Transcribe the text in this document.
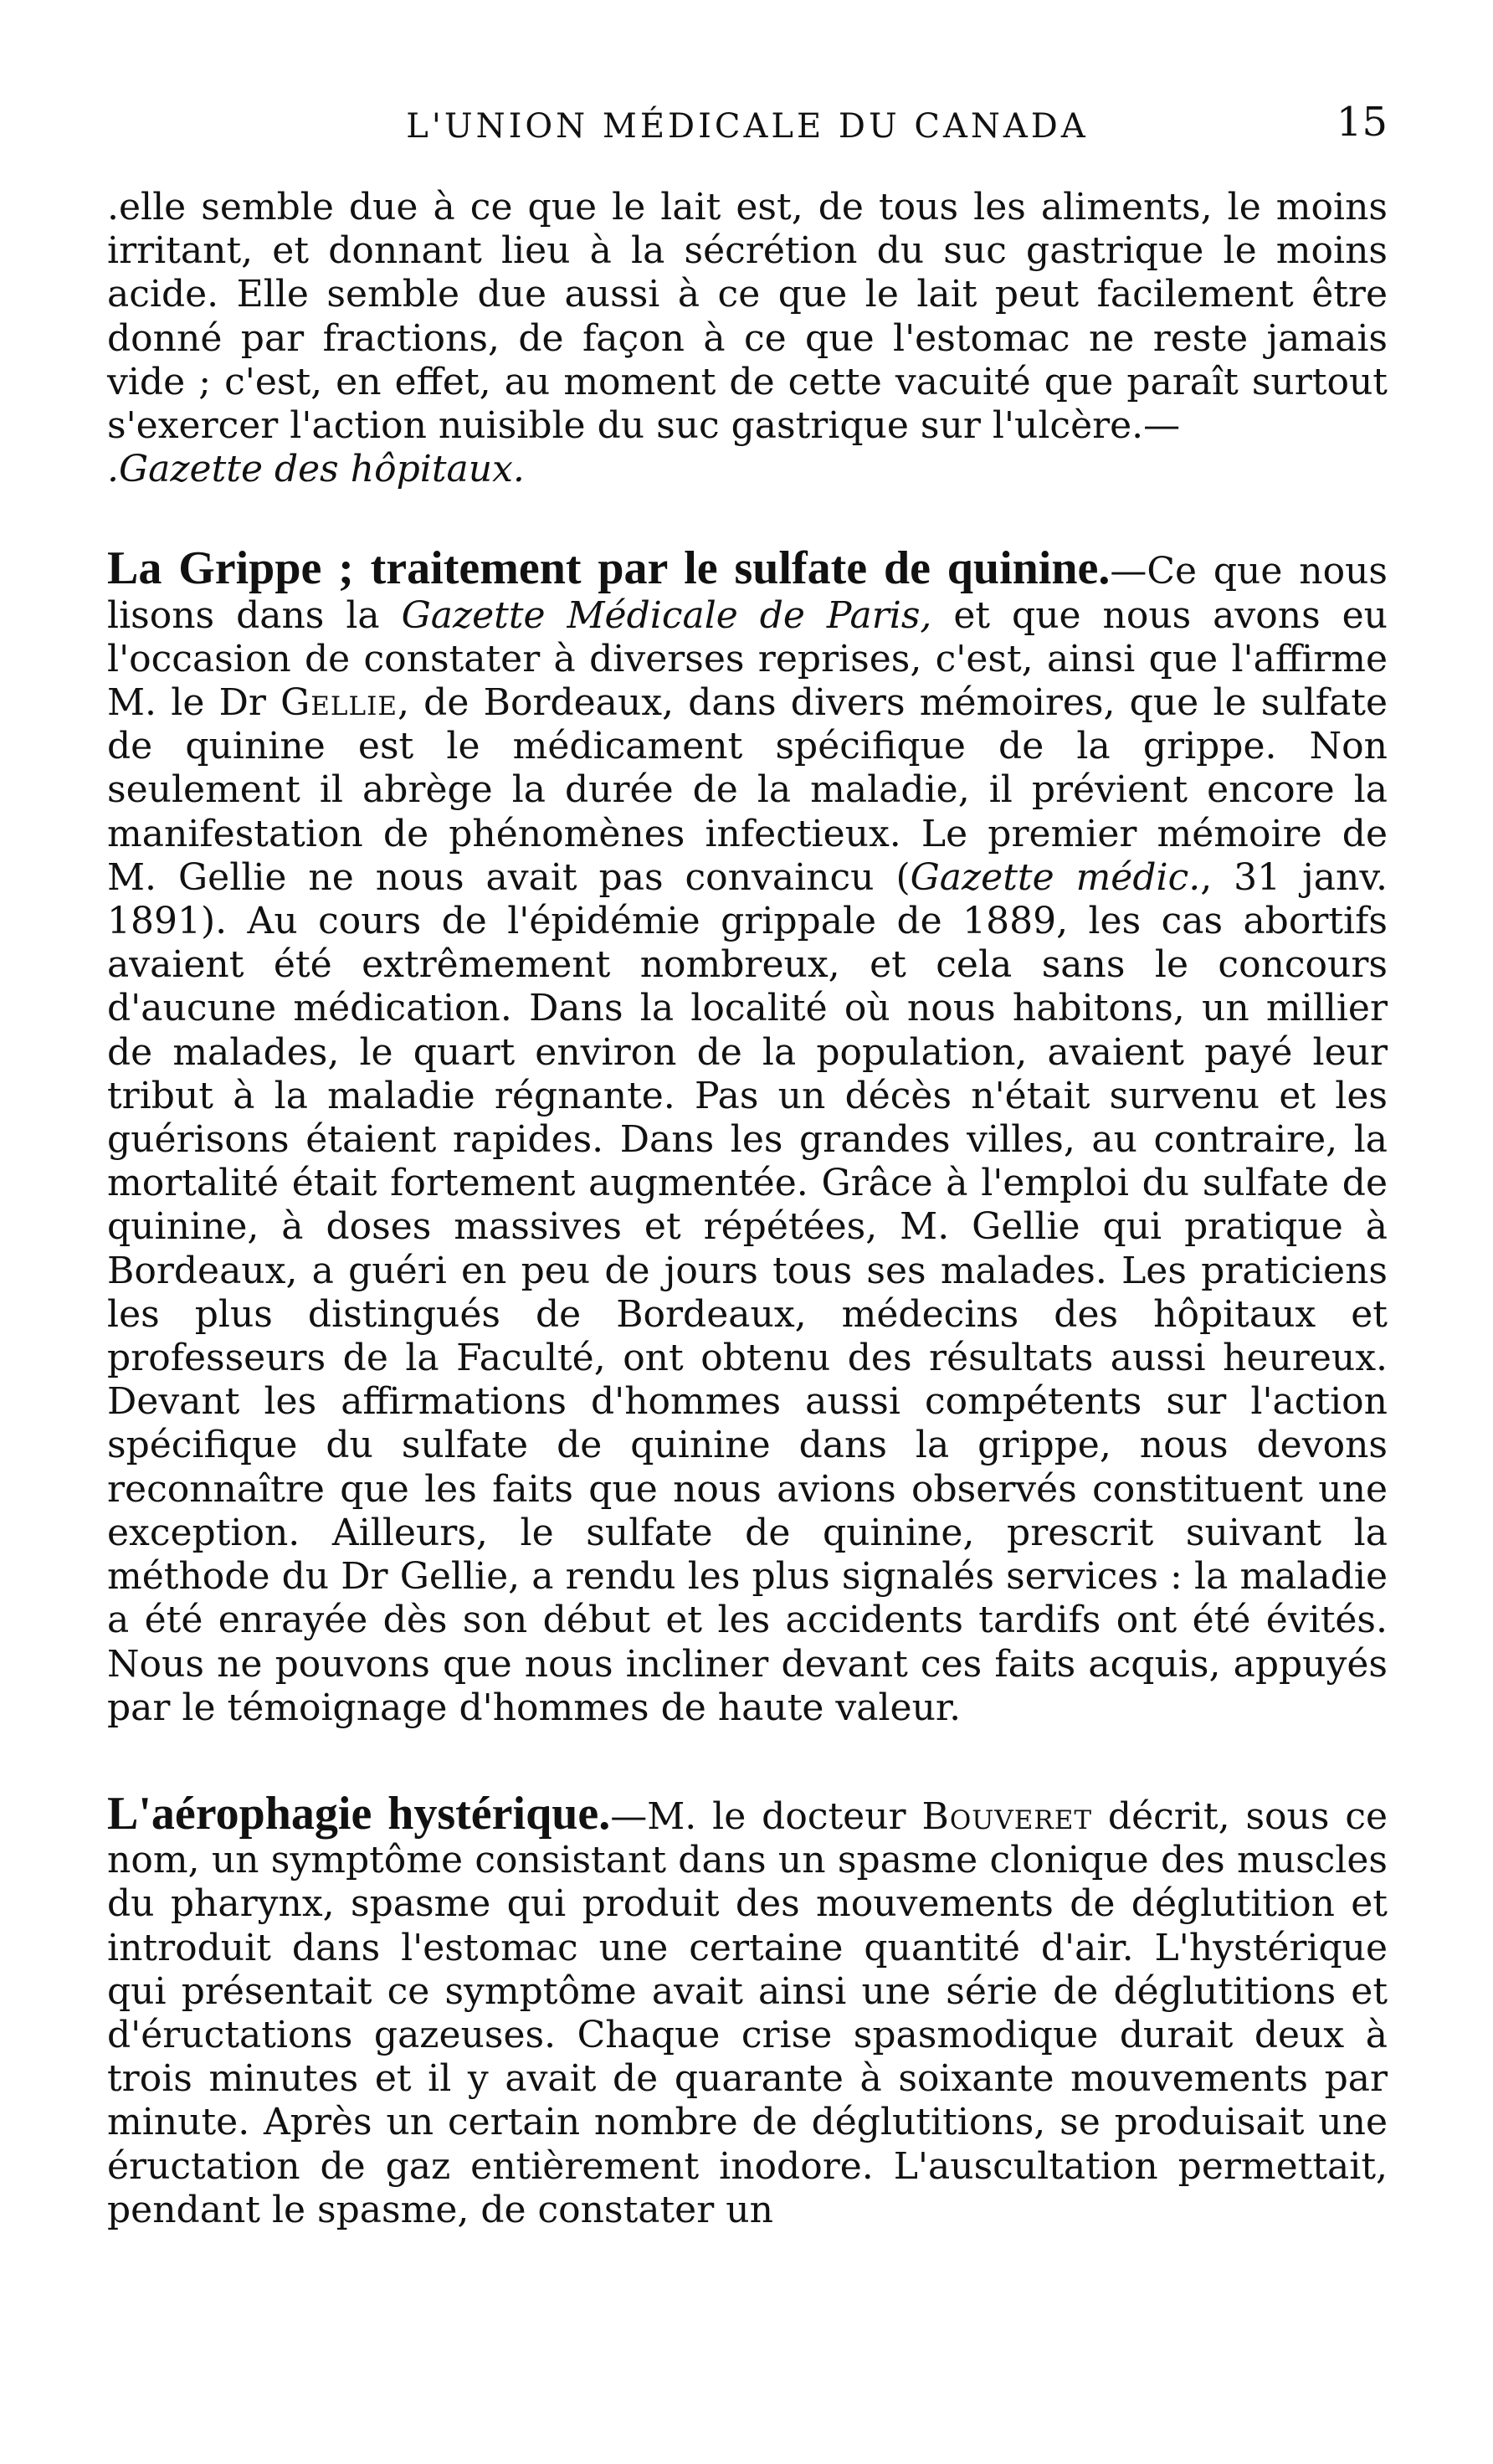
L'UNION MÉDICALE DU CANADA	15

.elle semble due à ce que le lait est, de tous les aliments, le moins irritant, et donnant lieu à la sécrétion du suc gastrique le moins acide. Elle semble due aussi à ce que le lait peut facilement être donné par fractions, de façon à ce que l'estomac ne reste jamais vide ; c'est, en effet, au moment de cette vacuité que paraît surtout s'exercer l'action nuisible du suc gastrique sur l'ulcère.—
.Gazette des hôpitaux.

La Grippe ; traitement par le sulfate de quinine.—Ce que nous lisons dans la Gazette Médicale de Paris, et que nous avons eu l'occasion de constater à diverses reprises, c'est, ainsi que l'affirme M. le Dr Gellie, de Bordeaux, dans divers mémoires, que le sulfate de quinine est le médicament spécifique de la grippe. Non seulement il abrège la durée de la maladie, il prévient encore la manifestation de phénomènes infectieux. Le premier mémoire de M. Gellie ne nous avait pas convaincu (Gazette médic., 31 janv. 1891). Au cours de l'épidémie grippale de 1889, les cas abortifs avaient été extrêmement nombreux, et cela sans le concours d'aucune médication. Dans la localité où nous habitons, un millier de malades, le quart environ de la population, avaient payé leur tribut à la maladie régnante. Pas un décès n'était survenu et les guérisons étaient rapides. Dans les grandes villes, au contraire, la mortalité était fortement augmentée. Grâce à l'emploi du sulfate de quinine, à doses massives et répétées, M. Gellie qui pratique à Bordeaux, a guéri en peu de jours tous ses malades. Les praticiens les plus distingués de Bordeaux, médecins des hôpitaux et professeurs de la Faculté, ont obtenu des résultats aussi heureux. Devant les affirmations d'hommes aussi compétents sur l'action spécifique du sulfate de quinine dans la grippe, nous devons reconnaître que les faits que nous avions observés constituent une exception. Ailleurs, le sulfate de quinine, prescrit suivant la méthode du Dr Gellie, a rendu les plus signalés services : la maladie a été enrayée dès son début et les accidents tardifs ont été évités. Nous ne pouvons que nous incliner devant ces faits acquis, appuyés par le témoignage d'hommes de haute valeur.

L'aérophagie hystérique.—M. le docteur Bouveret décrit, sous ce nom, un symptôme consistant dans un spasme clonique des muscles du pharynx, spasme qui produit des mouvements de déglutition et introduit dans l'estomac une certaine quantité d'air. L'hystérique qui présentait ce symptôme avait ainsi une série de déglutitions et d'éructations gazeuses. Chaque crise spasmodique durait deux à trois minutes et il y avait de quarante à soixante mouvements par minute. Après un certain nombre de déglutitions, se produisait une éructation de gaz entièrement inodore. L'auscultation permettait, pendant le spasme, de constater un
